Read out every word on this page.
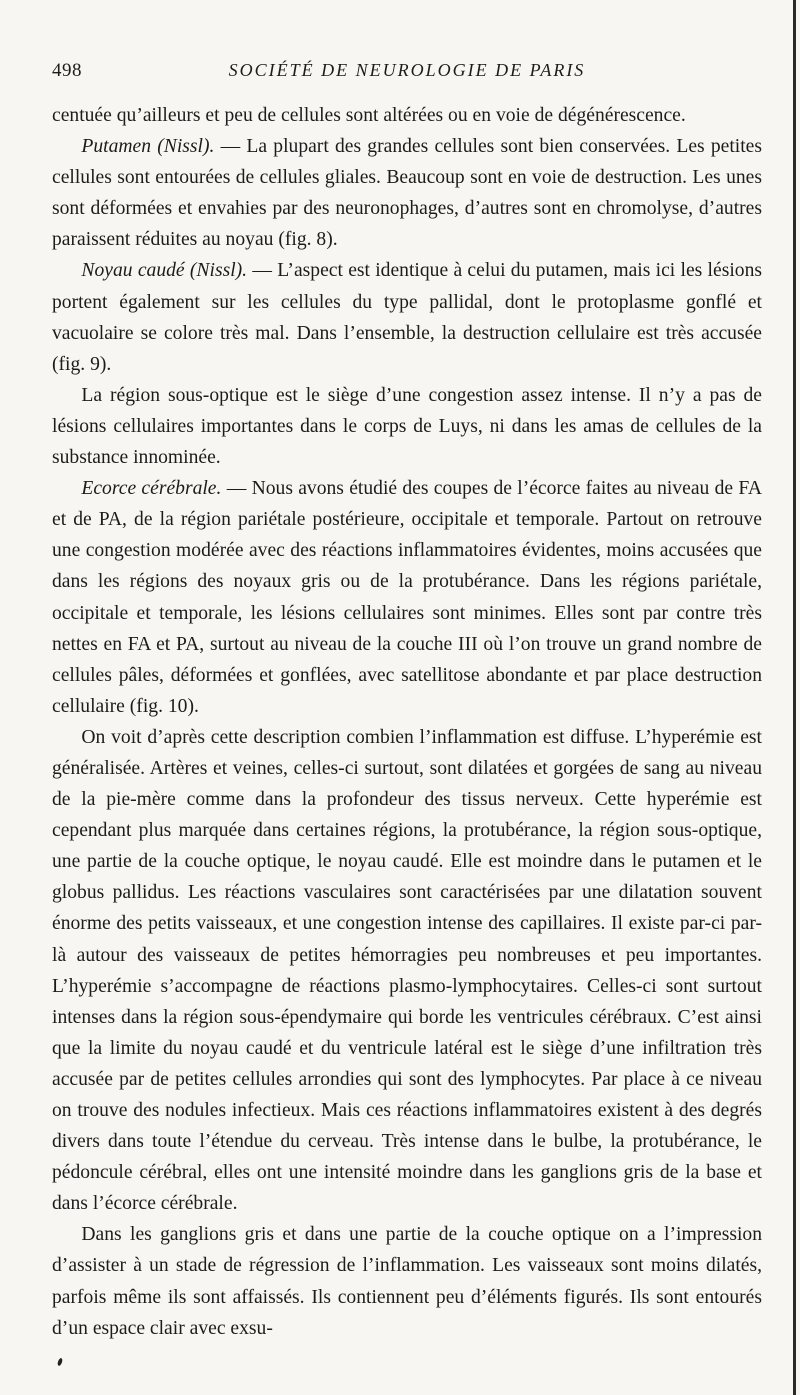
498	SOCIÉTÉ DE NEUROLOGIE DE PARIS

centuée qu’ailleurs et peu de cellules sont altérées ou en voie de dégénérescence.

Putamen (Nissl). — La plupart des grandes cellules sont bien conservées. Les petites cellules sont entourées de cellules gliales. Beaucoup sont en voie de destruction. Les unes sont déformées et envahies par des neuronophages, d’autres sont en chromolyse, d’autres paraissent réduites au noyau (fig. 8).

Noyau caudé (Nissl). — L’aspect est identique à celui du putamen, mais ici les lésions portent également sur les cellules du type pallidal, dont le protoplasme gonflé et vacuolaire se colore très mal. Dans l’ensemble, la destruction cellulaire est très accusée (fig. 9).

La région sous-optique est le siège d’une congestion assez intense. Il n’y a pas de lésions cellulaires importantes dans le corps de Luys, ni dans les amas de cellules de la substance innominée.

Ecorce cérébrale. — Nous avons étudié des coupes de l’écorce faites au niveau de FA et de PA, de la région pariétale postérieure, occipitale et temporale. Partout on retrouve une congestion modérée avec des réactions inflammatoires évidentes, moins accusées que dans les régions des noyaux gris ou de la protubérance. Dans les régions pariétale, occipitale et temporale, les lésions cellulaires sont minimes. Elles sont par contre très nettes en FA et PA, surtout au niveau de la couche III où l’on trouve un grand nombre de cellules pâles, déformées et gonflées, avec satellitose abondante et par place destruction cellulaire (fig. 10).

On voit d’après cette description combien l’inflammation est diffuse. L’hyperémie est généralisée. Artères et veines, celles-ci surtout, sont dilatées et gorgées de sang au niveau de la pie-mère comme dans la profondeur des tissus nerveux. Cette hyperémie est cependant plus marquée dans certaines régions, la protubérance, la région sous-optique, une partie de la couche optique, le noyau caudé. Elle est moindre dans le putamen et le globus pallidus. Les réactions vasculaires sont caractérisées par une dilatation souvent énorme des petits vaisseaux, et une congestion intense des capillaires. Il existe par-ci par-là autour des vaisseaux de petites hémorragies peu nombreuses et peu importantes. L’hyperémie s’accompagne de réactions plasmo-lymphocytaires. Celles-ci sont surtout intenses dans la région sous-épendymaire qui borde les ventricules cérébraux. C’est ainsi que la limite du noyau caudé et du ventricule latéral est le siège d’une infiltration très accusée par de petites cellules arrondies qui sont des lymphocytes. Par place à ce niveau on trouve des nodules infectieux. Mais ces réactions inflammatoires existent à des degrés divers dans toute l’étendue du cerveau. Très intense dans le bulbe, la protubérance, le pédoncule cérébral, elles ont une intensité moindre dans les ganglions gris de la base et dans l’écorce cérébrale.

Dans les ganglions gris et dans une partie de la couche optique on a l’impression d’assister à un stade de régression de l’inflammation. Les vaisseaux sont moins dilatés, parfois même ils sont affaissés. Ils contiennent peu d’éléments figurés. Ils sont entourés d’un espace clair avec exsu-
